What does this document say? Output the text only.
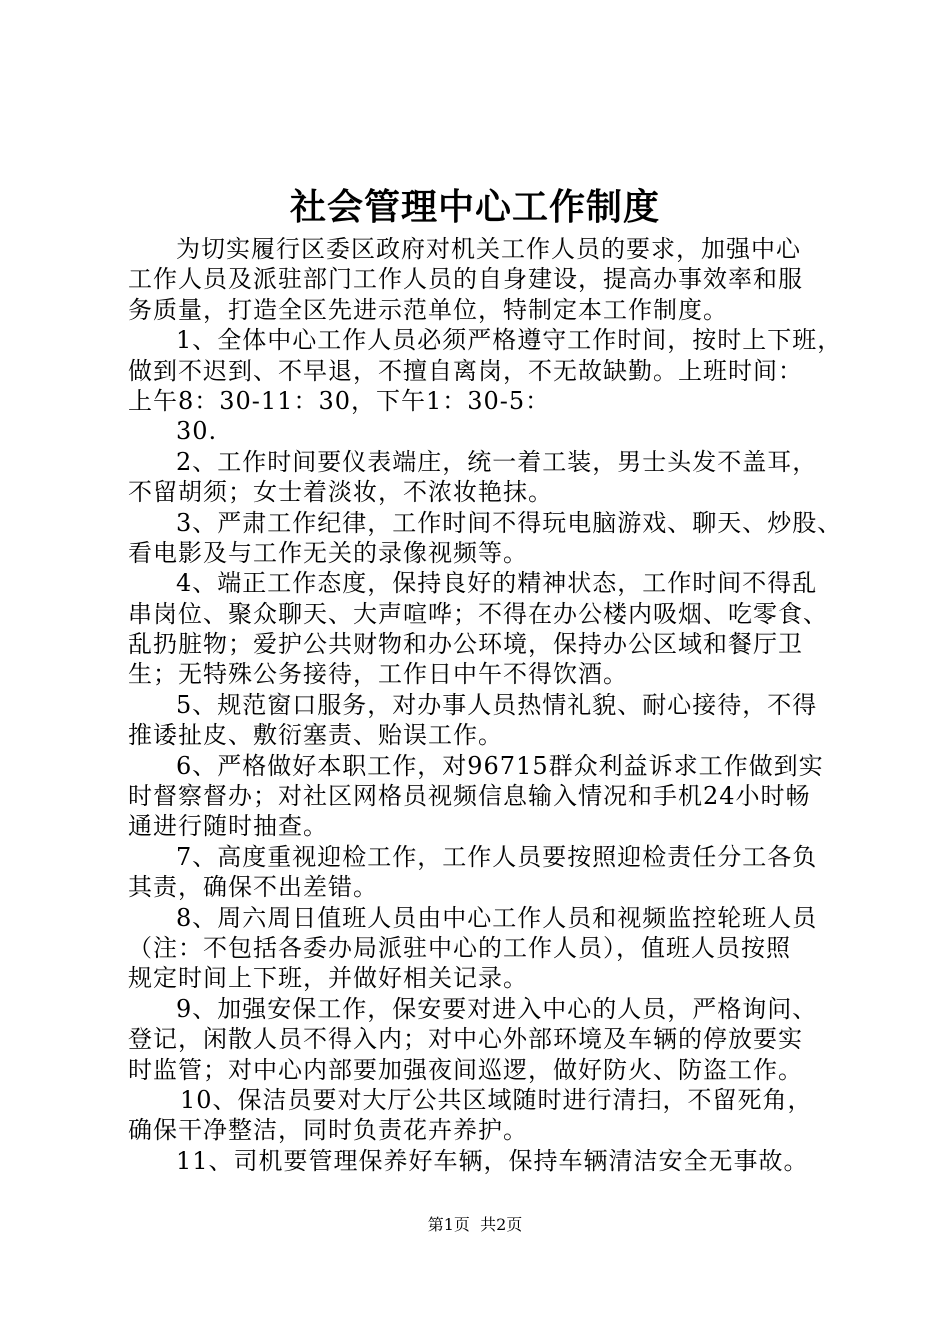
社会管理中心工作制度
为切实履行区委区政府对机关工作人员的要求，加强中心
工作人员及派驻部门工作人员的自身建设，提高办事效率和服
务质量，打造全区先进示范单位，特制定本工作制度。
1、全体中心工作人员必须严格遵守工作时间，按时上下班，
做到不迟到、不早退，不擅自离岗，不无故缺勤。上班时间：
上午8：30-11：30，下午1：30-5：
30.
2、工作时间要仪表端庄，统一着工装，男士头发不盖耳，
不留胡须；女士着淡妆，不浓妆艳抹。
3、严肃工作纪律，工作时间不得玩电脑游戏、聊天、炒股、
看电影及与工作无关的录像视频等。
4、端正工作态度，保持良好的精神状态，工作时间不得乱
串岗位、聚众聊天、大声喧哗；不得在办公楼内吸烟、吃零食、
乱扔脏物；爱护公共财物和办公环境，保持办公区域和餐厅卫
生；无特殊公务接待，工作日中午不得饮酒。
5、规范窗口服务，对办事人员热情礼貌、耐心接待，不得
推诿扯皮、敷衍塞责、贻误工作。
6、严格做好本职工作，对96715群众利益诉求工作做到实
时督察督办；对社区网格员视频信息输入情况和手机24小时畅
通进行随时抽查。
7、高度重视迎检工作，工作人员要按照迎检责任分工各负
其责，确保不出差错。
8、周六周日值班人员由中心工作人员和视频监控轮班人员
（注：不包括各委办局派驻中心的工作人员），值班人员按照
规定时间上下班，并做好相关记录。
9、加强安保工作，保安要对进入中心的人员，严格询问、
登记，闲散人员不得入内；对中心外部环境及车辆的停放要实
时监管；对中心内部要加强夜间巡逻，做好防火、防盗工作。
10、保洁员要对大厅公共区域随时进行清扫，不留死角，
确保干净整洁，同时负责花卉养护。
11、司机要管理保养好车辆，保持车辆清洁安全无事故。
第1页  共2页
